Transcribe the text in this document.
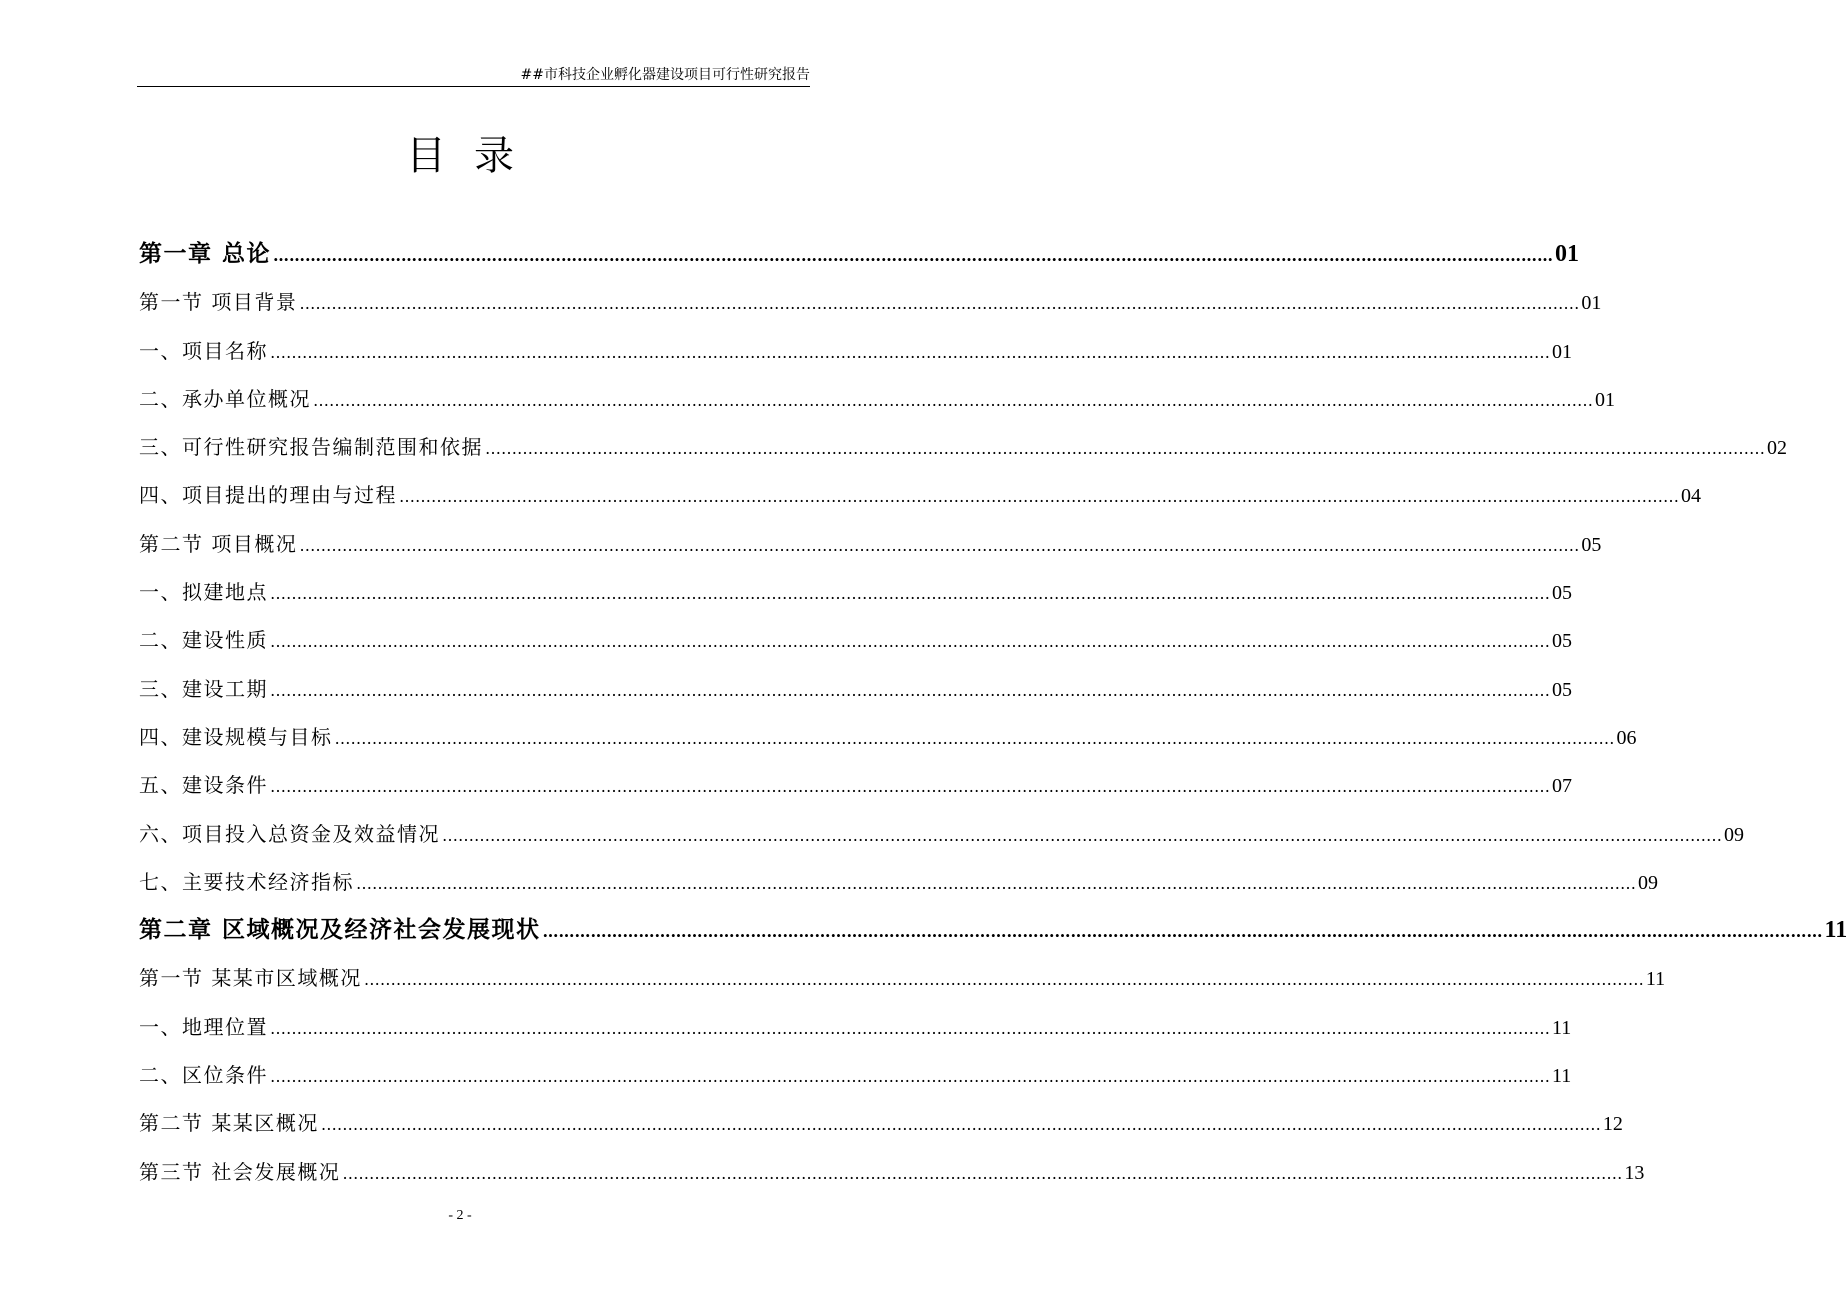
##市科技企业孵化器建设项目可行性研究报告
目录
第一章 总论 …………………………………………………………………………………………………………………………………………………………………………………………………………………… 01
第一节 项目背景 …………………………………………………………………………………………………………………………………………………………………………………………………………………… 01
一、项目名称 …………………………………………………………………………………………………………………………………………………………………………………………………………………… 01
二、承办单位概况 …………………………………………………………………………………………………………………………………………………………………………………………………………………… 01
三、可行性研究报告编制范围和依据 …………………………………………………………………………………………………………………………………………………………………………………………………………………… 02
四、项目提出的理由与过程 …………………………………………………………………………………………………………………………………………………………………………………………………………………… 04
第二节 项目概况 …………………………………………………………………………………………………………………………………………………………………………………………………………………… 05
一、拟建地点 …………………………………………………………………………………………………………………………………………………………………………………………………………………… 05
二、建设性质 …………………………………………………………………………………………………………………………………………………………………………………………………………………… 05
三、建设工期 …………………………………………………………………………………………………………………………………………………………………………………………………………………… 05
四、建设规模与目标 …………………………………………………………………………………………………………………………………………………………………………………………………………………… 06
五、建设条件 …………………………………………………………………………………………………………………………………………………………………………………………………………………… 07
六、项目投入总资金及效益情况 …………………………………………………………………………………………………………………………………………………………………………………………………………………… 09
七、主要技术经济指标 …………………………………………………………………………………………………………………………………………………………………………………………………………………… 09
第二章 区域概况及经济社会发展现状 …………………………………………………………………………………………………………………………………………………………………………………………………………………… 11
第一节 某某市区域概况 …………………………………………………………………………………………………………………………………………………………………………………………………………………… 11
一、地理位置 …………………………………………………………………………………………………………………………………………………………………………………………………………………… 11
二、区位条件 …………………………………………………………………………………………………………………………………………………………………………………………………………………… 11
第二节 某某区概况 …………………………………………………………………………………………………………………………………………………………………………………………………………………… 12
第三节 社会发展概况 …………………………………………………………………………………………………………………………………………………………………………………………………………………… 13
- 2 -
